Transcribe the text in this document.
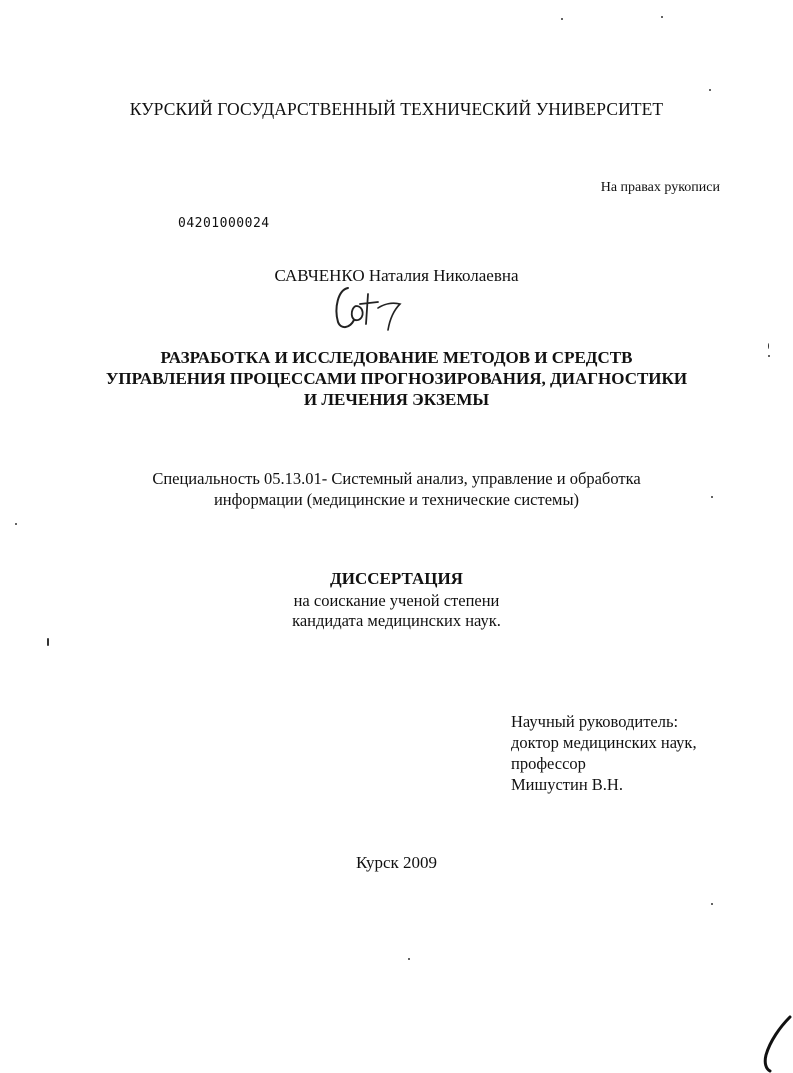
КУРСКИЙ ГОСУДАРСТВЕННЫЙ ТЕХНИЧЕСКИЙ УНИВЕРСИТЕТ
На правах рукописи
04201000024
САВЧЕНКО Наталия Николаевна
РАЗРАБОТКА И ИССЛЕДОВАНИЕ МЕТОДОВ И СРЕДСТВ
УПРАВЛЕНИЯ ПРОЦЕССАМИ ПРОГНОЗИРОВАНИЯ, ДИАГНОСТИКИ
И ЛЕЧЕНИЯ ЭКЗЕМЫ
Специальность 05.13.01- Системный анализ, управление и обработка
информации (медицинские и технические системы)
ДИССЕРТАЦИЯ
на соискание ученой степени
кандидата медицинских наук.
Научный руководитель:
доктор медицинских наук,
профессор
Мишустин В.Н.
Курск 2009
